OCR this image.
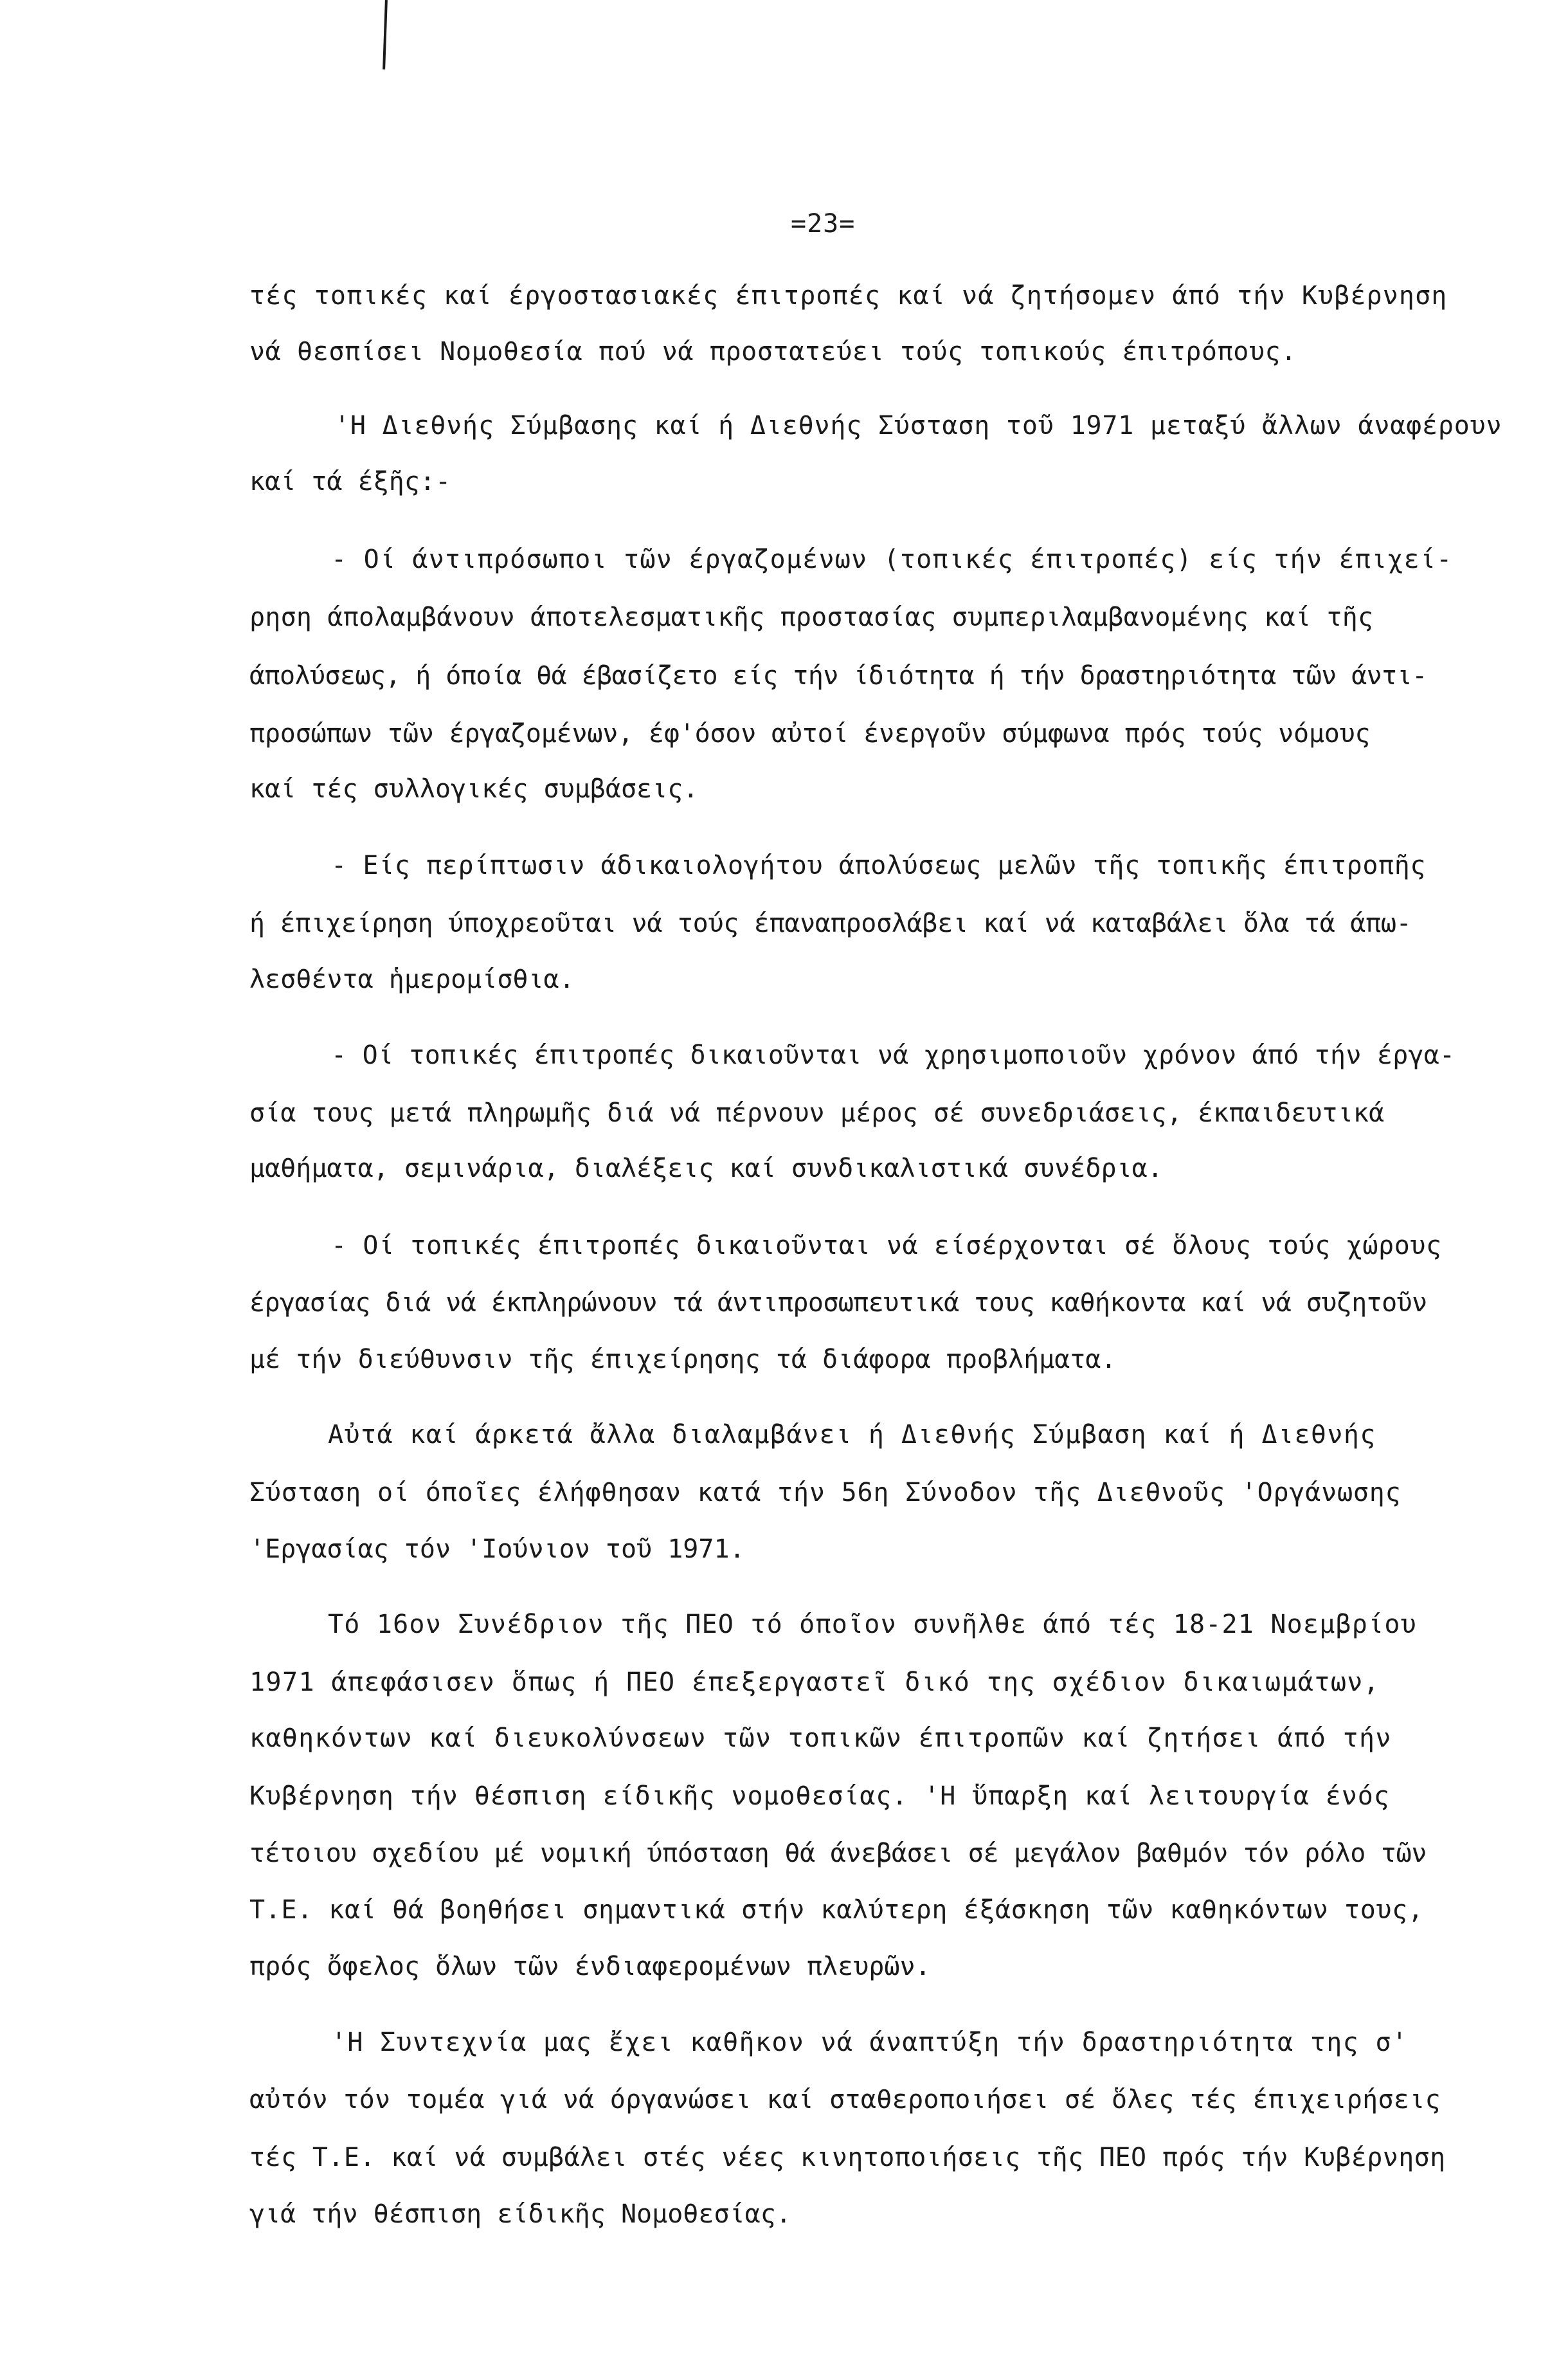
=23=
τές τοπικές καί έργοστασιακές έπιτροπές καί νά ζητήσομεν άπό τήν Κυβέρνηση
νά θεσπίσει Νομοθεσία πού νά προστατεύει τούς τοπικούς έπιτρόπους.
'Η Διεθνής Σύμβασης καί ή Διεθνής Σύσταση τοῦ 1971 μεταξύ ἄλλων άναφέρουν
καί τά έξῆς:-
- Οί άντιπρόσωποι τῶν έργαζομένων (τοπικές έπιτροπές) είς τήν έπιχεί-
ρηση άπολαμβάνουν άποτελεσματικῆς προστασίας συμπεριλαμβανομένης καί τῆς
άπολύσεως, ή όποία θά έβασίζετο είς τήν ίδιότητα ή τήν δραστηριότητα τῶν άντι-
προσώπων τῶν έργαζομένων, έφ'όσον αὐτοί ένεργοῦν σύμφωνα πρός τούς νόμους
καί τές συλλογικές συμβάσεις.
- Είς περίπτωσιν άδικαιολογήτου άπολύσεως μελῶν τῆς τοπικῆς έπιτροπῆς
ή έπιχείρηση ύποχρεοῦται νά τούς έπαναπροσλάβει καί νά καταβάλει ὅλα τά άπω-
λεσθέντα ἡμερομίσθια.
- Οί τοπικές έπιτροπές δικαιοῦνται νά χρησιμοποιοῦν χρόνον άπό τήν έργα-
σία τους μετά πληρωμῆς διά νά πέρνουν μέρος σέ συνεδριάσεις, έκπαιδευτικά
μαθήματα, σεμινάρια, διαλέξεις καί συνδικαλιστικά συνέδρια.
- Οί τοπικές έπιτροπές δικαιοῦνται νά είσέρχονται σέ ὅλους τούς χώρους
έργασίας διά νά έκπληρώνουν τά άντιπροσωπευτικά τους καθήκοντα καί νά συζητοῦν
μέ τήν διεύθυνσιν τῆς έπιχείρησης τά διάφορα προβλήματα.
Αὐτά καί άρκετά ἄλλα διαλαμβάνει ή Διεθνής Σύμβαση καί ή Διεθνής
Σύσταση οί όποῖες έλήφθησαν κατά τήν 56η Σύνοδον τῆς Διεθνοῦς 'Οργάνωσης
'Εργασίας τόν 'Ιούνιον τοῦ 1971.
Τό 16ον Συνέδριον τῆς ΠΕΟ τό όποῖον συνῆλθε άπό τές 18-21 Νοεμβρίου
1971 άπεφάσισεν ὅπως ή ΠΕΟ έπεξεργαστεῖ δικό της σχέδιον δικαιωμάτων,
καθηκόντων καί διευκολύνσεων τῶν τοπικῶν έπιτροπῶν καί ζητήσει άπό τήν
Κυβέρνηση τήν θέσπιση είδικῆς νομοθεσίας. 'Η ὕπαρξη καί λειτουργία ένός
τέτοιου σχεδίου μέ νομική ύπόσταση θά άνεβάσει σέ μεγάλον βαθμόν τόν ρόλο τῶν
Τ.Ε. καί θά βοηθήσει σημαντικά στήν καλύτερη έξάσκηση τῶν καθηκόντων τους,
πρός ὄφελος ὅλων τῶν ένδιαφερομένων πλευρῶν.
'Η Συντεχνία μας ἔχει καθῆκον νά άναπτύξη τήν δραστηριότητα της σ'
αὐτόν τόν τομέα γιά νά όργανώσει καί σταθεροποιήσει σέ ὅλες τές έπιχειρήσεις
τές Τ.Ε. καί νά συμβάλει στές νέες κινητοποιήσεις τῆς ΠΕΟ πρός τήν Κυβέρνηση
γιά τήν θέσπιση είδικῆς Νομοθεσίας.
